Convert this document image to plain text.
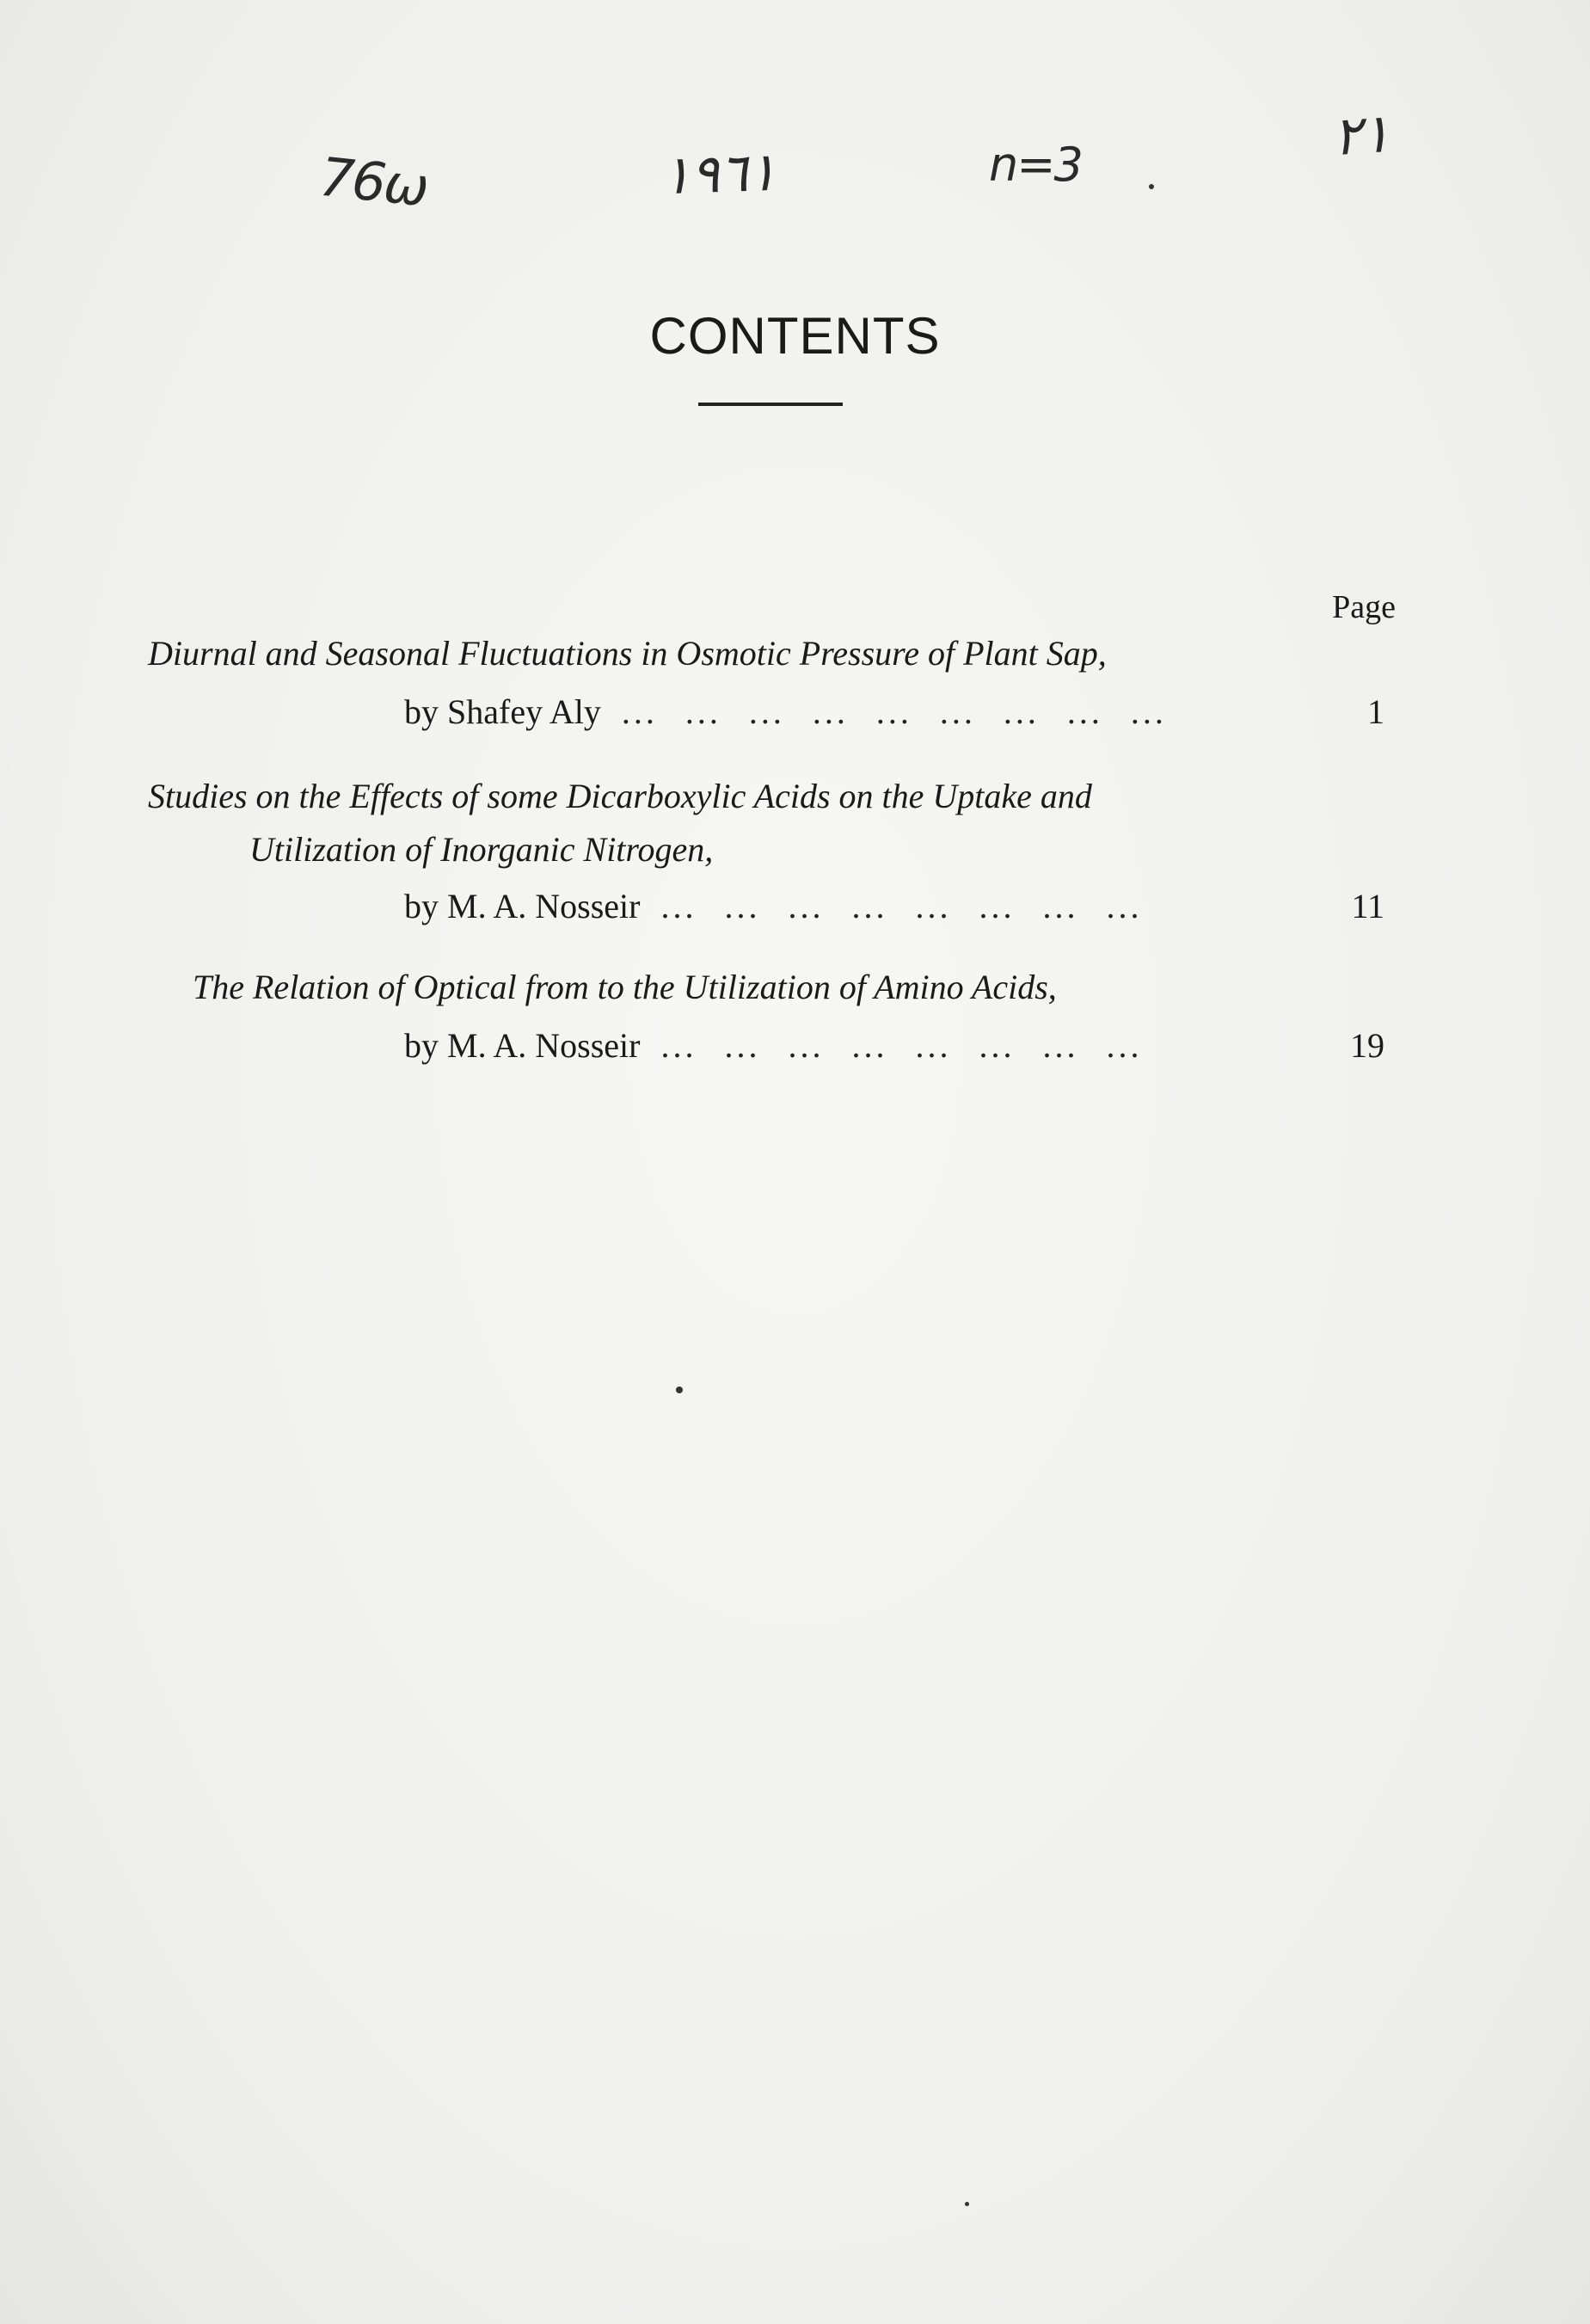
76ω	١٩٦١	n=3	٢١
CONTENTS
Page
Diurnal and Seasonal Fluctuations in Osmotic Pressure of Plant Sap,
by Shafey Aly ... ... ... ... ... ... ... ... ...	1
Studies on the Effects of some Dicarboxylic Acids on the Uptake and
Utilization of Inorganic Nitrogen,
by M. A. Nosseir ... ... ... ... ... ... ... ...	11
The Relation of Optical from to the Utilization of Amino Acids,
by M. A. Nosseir ... ... ... ... ... ... ... ...	19
